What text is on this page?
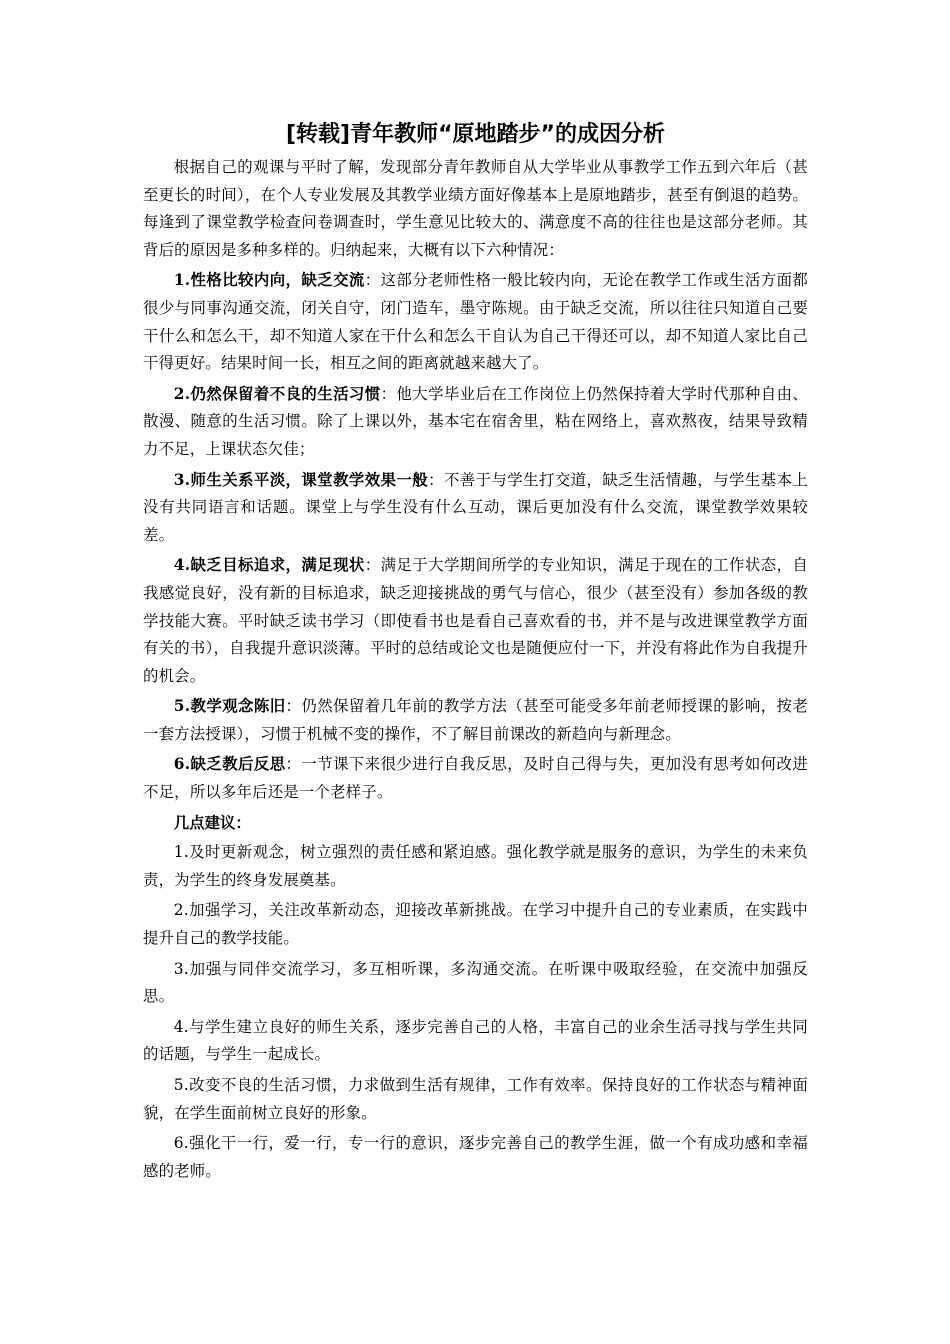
[转载]青年教师“原地踏步”的成因分析

根据自己的观课与平时了解，发现部分青年教师自从大学毕业从事教学工作五到六年后（甚至更长的时间），在个人专业发展及其教学业绩方面好像基本上是原地踏步，甚至有倒退的趋势。每逢到了课堂教学检查问卷调查时，学生意见比较大的、满意度不高的往往也是这部分老师。其背后的原因是多种多样的。归纳起来，大概有以下六种情况：

1.性格比较内向，缺乏交流：这部分老师性格一般比较内向，无论在教学工作或生活方面都很少与同事沟通交流，闭关自守，闭门造车，墨守陈规。由于缺乏交流，所以往往只知道自己要干什么和怎么干，却不知道人家在干什么和怎么干自认为自己干得还可以，却不知道人家比自己干得更好。结果时间一长，相互之间的距离就越来越大了。

2.仍然保留着不良的生活习惯：他大学毕业后在工作岗位上仍然保持着大学时代那种自由、散漫、随意的生活习惯。除了上课以外，基本宅在宿舍里，粘在网络上，喜欢熬夜，结果导致精力不足，上课状态欠佳；

3.师生关系平淡，课堂教学效果一般：不善于与学生打交道，缺乏生活情趣，与学生基本上没有共同语言和话题。课堂上与学生没有什么互动，课后更加没有什么交流，课堂教学效果较差。

4.缺乏目标追求，满足现状：满足于大学期间所学的专业知识，满足于现在的工作状态，自我感觉良好，没有新的目标追求，缺乏迎接挑战的勇气与信心，很少（甚至没有）参加各级的教学技能大赛。平时缺乏读书学习（即使看书也是看自己喜欢看的书，并不是与改进课堂教学方面有关的书），自我提升意识淡薄。平时的总结或论文也是随便应付一下，并没有将此作为自我提升的机会。

5.教学观念陈旧：仍然保留着几年前的教学方法（甚至可能受多年前老师授课的影响，按老一套方法授课），习惯于机械不变的操作，不了解目前课改的新趋向与新理念。

6.缺乏教后反思：一节课下来很少进行自我反思，及时自己得与失，更加没有思考如何改进不足，所以多年后还是一个老样子。

几点建议：

1.及时更新观念，树立强烈的责任感和紧迫感。强化教学就是服务的意识，为学生的未来负责，为学生的终身发展奠基。

2.加强学习，关注改革新动态，迎接改革新挑战。在学习中提升自己的专业素质，在实践中提升自己的教学技能。

3.加强与同伴交流学习，多互相听课，多沟通交流。在听课中吸取经验，在交流中加强反思。

4.与学生建立良好的师生关系，逐步完善自己的人格，丰富自己的业余生活寻找与学生共同的话题，与学生一起成长。

5.改变不良的生活习惯，力求做到生活有规律，工作有效率。保持良好的工作状态与精神面貌，在学生面前树立良好的形象。

6.强化干一行，爱一行，专一行的意识，逐步完善自己的教学生涯，做一个有成功感和幸福感的老师。
